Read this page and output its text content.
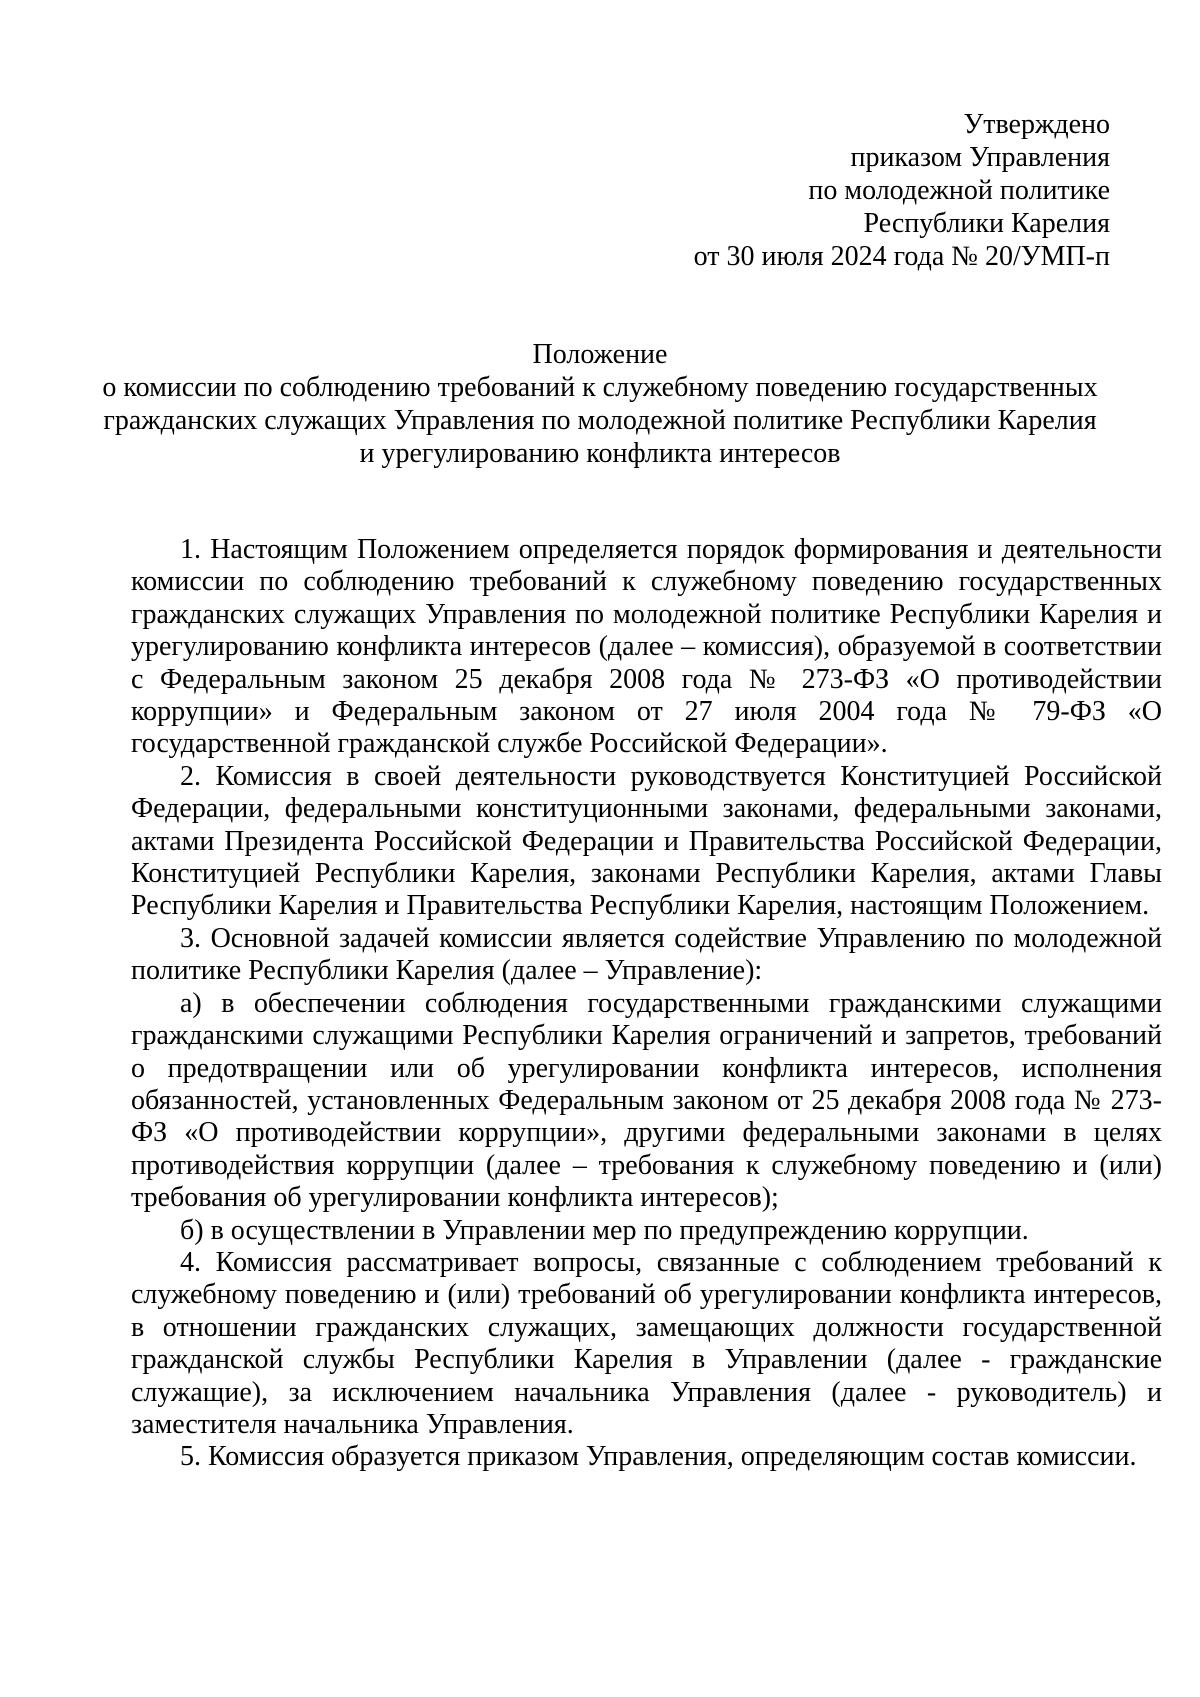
Утверждено
приказом Управления
по молодежной политике
Республики Карелия
от 30 июля 2024 года № 20/УМП-п
Положение
о комиссии по соблюдению требований к служебному поведению государственных
гражданских служащих Управления по молодежной политике Республики Карелия
и урегулированию конфликта интересов

1. Настоящим Положением определяется порядок формирования и деятельности комиссии по соблюдению требований к служебному поведению государственных гражданских служащих Управления по молодежной политике Республики Карелия и урегулированию конфликта интересов (далее – комиссия), образуемой в соответствии с Федеральным законом 25 декабря 2008 года № 273-ФЗ «О противодействии коррупции» и Федеральным законом от 27 июля 2004 года № 79-ФЗ «О государственной гражданской службе Российской Федерации».

2. Комиссия в своей деятельности руководствуется Конституцией Российской Федерации, федеральными конституционными законами, федеральными законами, актами Президента Российской Федерации и Правительства Российской Федерации, Конституцией Республики Карелия, законами Республики Карелия, актами Главы Республики Карелия и Правительства Республики Карелия, настоящим Положением.

3. Основной задачей комиссии является содействие Управлению по молодежной политике Республики Карелия (далее – Управление):

а) в обеспечении соблюдения государственными гражданскими служащими гражданскими служащими Республики Карелия ограничений и запретов, требований о предотвращении или об урегулировании конфликта интересов, исполнения обязанностей, установленных Федеральным законом от 25 декабря 2008 года № 273-ФЗ «О противодействии коррупции», другими федеральными законами в целях противодействия коррупции (далее – требования к служебному поведению и (или) требования об урегулировании конфликта интересов);

б) в осуществлении в Управлении мер по предупреждению коррупции.

4. Комиссия рассматривает вопросы, связанные с соблюдением требований к служебному поведению и (или) требований об урегулировании конфликта интересов, в отношении гражданских служащих, замещающих должности государственной гражданской службы Республики Карелия в Управлении (далее - гражданские служащие), за исключением начальника Управления (далее - руководитель) и заместителя начальника Управления.

5. Комиссия образуется приказом Управления, определяющим состав комиссии.
